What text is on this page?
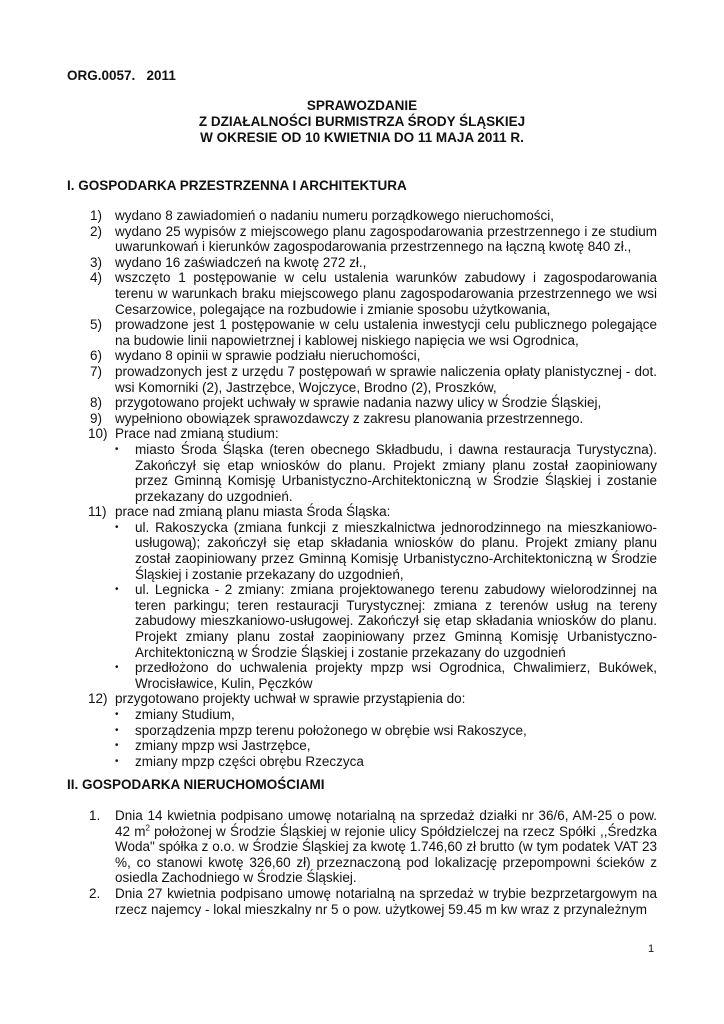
ORG.0057.   2011
SPRAWOZDANIE
Z DZIAŁALNOŚCI BURMISTRZA ŚRODY ŚLĄSKIEJ
W OKRESIE OD 10 KWIETNIA DO 11 MAJA 2011 R.
I. GOSPODARKA PRZESTRZENNA I ARCHITEKTURA
1) wydano 8 zawiadomień o nadaniu numeru porządkowego nieruchomości,
2) wydano 25 wypisów z miejscowego planu zagospodarowania przestrzennego i ze studium uwarunkowań i kierunków zagospodarowania przestrzennego na łączną kwotę 840 zł.,
3) wydano 16 zaświadczeń na kwotę 272 zł.,
4) wszczęto 1 postępowanie w celu ustalenia warunków zabudowy i zagospodarowania terenu w warunkach braku miejscowego planu zagospodarowania przestrzennego we wsi Cesarzowice, polegające na rozbudowie i zmianie sposobu użytkowania,
5) prowadzone jest 1 postępowanie w celu ustalenia inwestycji celu publicznego polegające na budowie linii napowietrznej i kablowej niskiego napięcia we wsi Ogrodnica,
6) wydano 8 opinii w sprawie podziału nieruchomości,
7) prowadzonych jest z urzędu 7 postępowań w sprawie naliczenia opłaty planistycznej - dot. wsi Komorniki (2), Jastrzębce, Wojczyce, Brodno (2), Proszków,
8) przygotowano projekt uchwały w sprawie nadania nazwy ulicy w Środzie Śląskiej,
9) wypełniono obowiązek sprawozdawczy z zakresu planowania przestrzennego.
10) Prace nad zmianą studium:
• miasto Środa Śląska (teren obecnego Składbudu, i dawna restauracja Turystyczna). Zakończył się etap wniosków do planu. Projekt zmiany planu został zaopiniowany przez Gminną Komisję Urbanistyczno-Architektoniczną w Środzie Śląskiej i zostanie przekazany do uzgodnień.
11) prace nad zmianą planu miasta Środa Śląska:
• ul. Rakoszycka (zmiana funkcji z mieszkalnictwa jednorodzinnego na mieszkaniowo-usługową); zakończył się etap składania wniosków do planu. Projekt zmiany planu został zaopiniowany przez Gminną Komisję Urbanistyczno-Architektoniczną w Środzie Śląskiej i zostanie przekazany do uzgodnień,
• ul. Legnicka - 2 zmiany: zmiana projektowanego terenu zabudowy wielorodzinnej na teren parkingu; teren restauracji Turystycznej: zmiana z terenów usług na tereny zabudowy mieszkaniowo-usługowej. Zakończył się etap składania wniosków do planu. Projekt zmiany planu został zaopiniowany przez Gminną Komisję Urbanistyczno-Architektoniczną w Środzie Śląskiej i zostanie przekazany do uzgodnień
• przedłożono do uchwalenia projekty mpzp wsi Ogrodnica, Chwalimierz, Bukówek, Wrocisławice, Kulin, Pęczków
12) przygotowano projekty uchwał w sprawie przystąpienia do:
• zmiany Studium,
• sporządzenia mpzp terenu położonego w obrębie wsi Rakoszyce,
• zmiany mpzp wsi Jastrzębce,
• zmiany mpzp części obrębu Rzeczyca
II. GOSPODARKA NIERUCHOMOŚCIAMI
1. Dnia 14 kwietnia podpisano umowę notarialną na sprzedaż działki nr 36/6, AM-25 o pow. 42 $m^2$ położonej w Środzie Śląskiej w rejonie ulicy Spółdzielczej na rzecz Spółki ,,Średzka Woda" spółka z o.o. w Środzie Śląskiej za kwotę 1.746,60 zł brutto (w tym podatek VAT 23 %, co stanowi kwotę 326,60 zł) przeznaczoną pod lokalizację przepompowni ścieków z osiedla Zachodniego w Środzie Śląskiej.
2. Dnia 27 kwietnia podpisano umowę notarialną na sprzedaż w trybie bezprzetargowym na rzecz najemcy - lokal mieszkalny nr 5 o pow. użytkowej 59.45 m kw wraz z przynależnym
1
